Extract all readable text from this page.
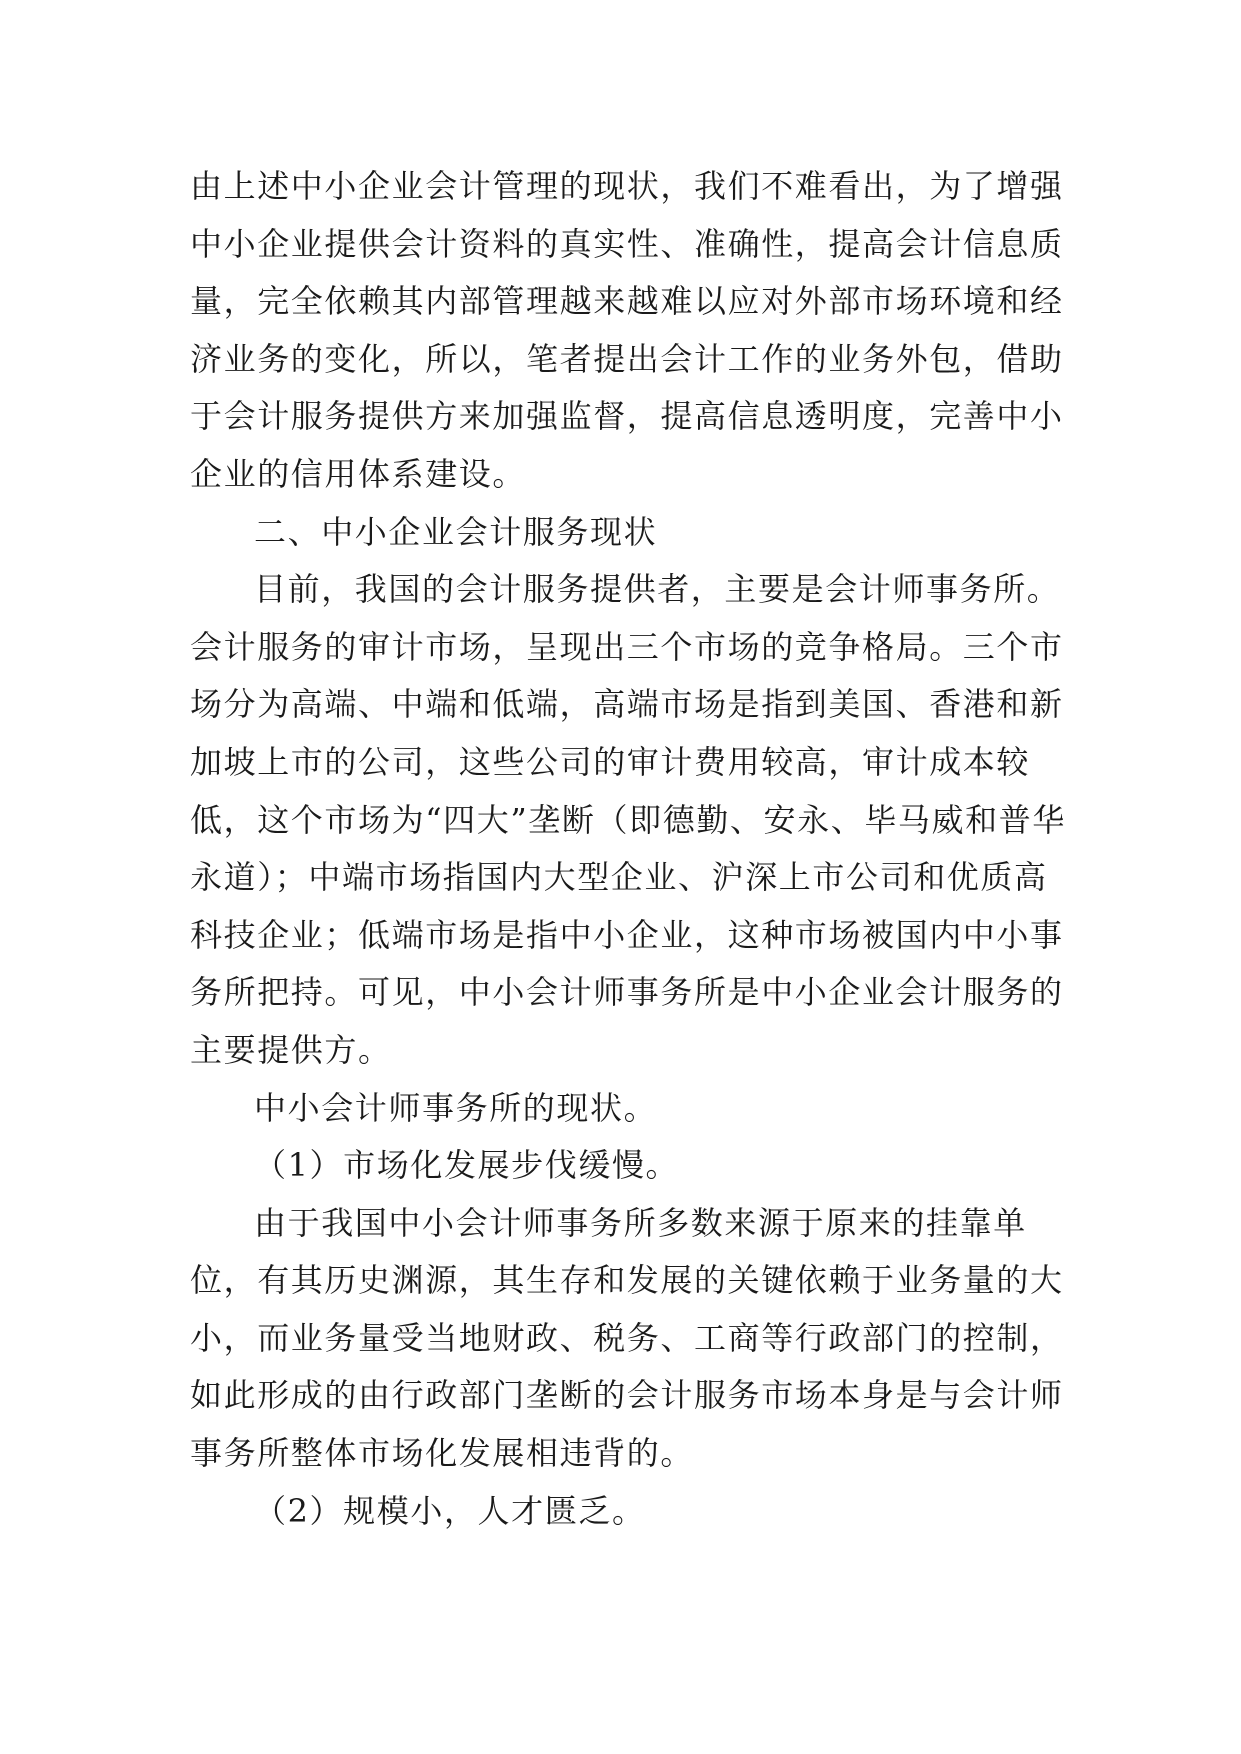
由上述中小企业会计管理的现状，我们不难看出，为了增强中小企业提供会计资料的真实性、准确性，提高会计信息质量，完全依赖其内部管理越来越难以应对外部市场环境和经济业务的变化，所以，笔者提出会计工作的业务外包，借助于会计服务提供方来加强监督，提高信息透明度，完善中小企业的信用体系建设。

二、中小企业会计服务现状

目前，我国的会计服务提供者，主要是会计师事务所。会计服务的审计市场，呈现出三个市场的竞争格局。三个市场分为高端、中端和低端，高端市场是指到美国、香港和新加坡上市的公司，这些公司的审计费用较高，审计成本较低，这个市场为“四大”垄断（即德勤、安永、毕马威和普华永道）；中端市场指国内大型企业、沪深上市公司和优质高科技企业；低端市场是指中小企业，这种市场被国内中小事务所把持。可见，中小会计师事务所是中小企业会计服务的主要提供方。

中小会计师事务所的现状。

（1）市场化发展步伐缓慢。

由于我国中小会计师事务所多数来源于原来的挂靠单位，有其历史渊源，其生存和发展的关键依赖于业务量的大小，而业务量受当地财政、税务、工商等行政部门的控制，如此形成的由行政部门垄断的会计服务市场本身是与会计师事务所整体市场化发展相违背的。

（2）规模小，人才匮乏。
